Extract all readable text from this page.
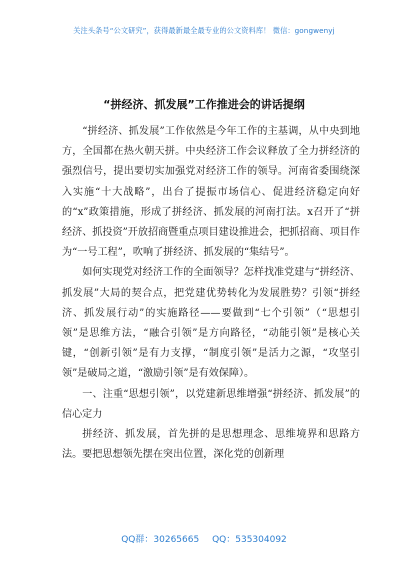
关注头条号“公文研究”，获得最新最全最专业的公文资料库！ 微信：gongwenyj
“拼经济、抓发展”工作推进会的讲话提纲

“拼经济、抓发展”工作依然是今年工作的主基调，从中央到地方，全国都在热火朝天拼。中央经济工作会议释放了全力拼经济的强烈信号，提出要切实加强党对经济工作的领导。河南省委围绕深入实施“十大战略”，出台了提振市场信心、促进经济稳定向好的“x”政策措施，形成了拼经济、抓发展的河南打法。x召开了“拼经济、抓投资”开放招商暨重点项目建设推进会，把抓招商、项目作为“一号工程”，吹响了拼经济、抓发展的“集结号”。

如何实现党对经济工作的全面领导？怎样找准党建与“拼经济、抓发展”大局的契合点，把党建优势转化为发展胜势？引领“拼经济、抓发展行动”的实施路径——要做到“七个引领”（“思想引领”是思维方法，“融合引领”是方向路径，“动能引领”是核心关键，“创新引领”是有力支撑，“制度引领”是活力之源，“攻坚引领”是破局之道，“激励引领”是有效保障）。

一、注重“思想引领”，以党建新思维增强“拼经济、抓发展”的信心定力

拼经济、抓发展，首先拼的是思想理念、思维境界和思路方法。要把思想领先摆在突出位置，深化党的创新理

QQ群：30265665 QQ：535304092
